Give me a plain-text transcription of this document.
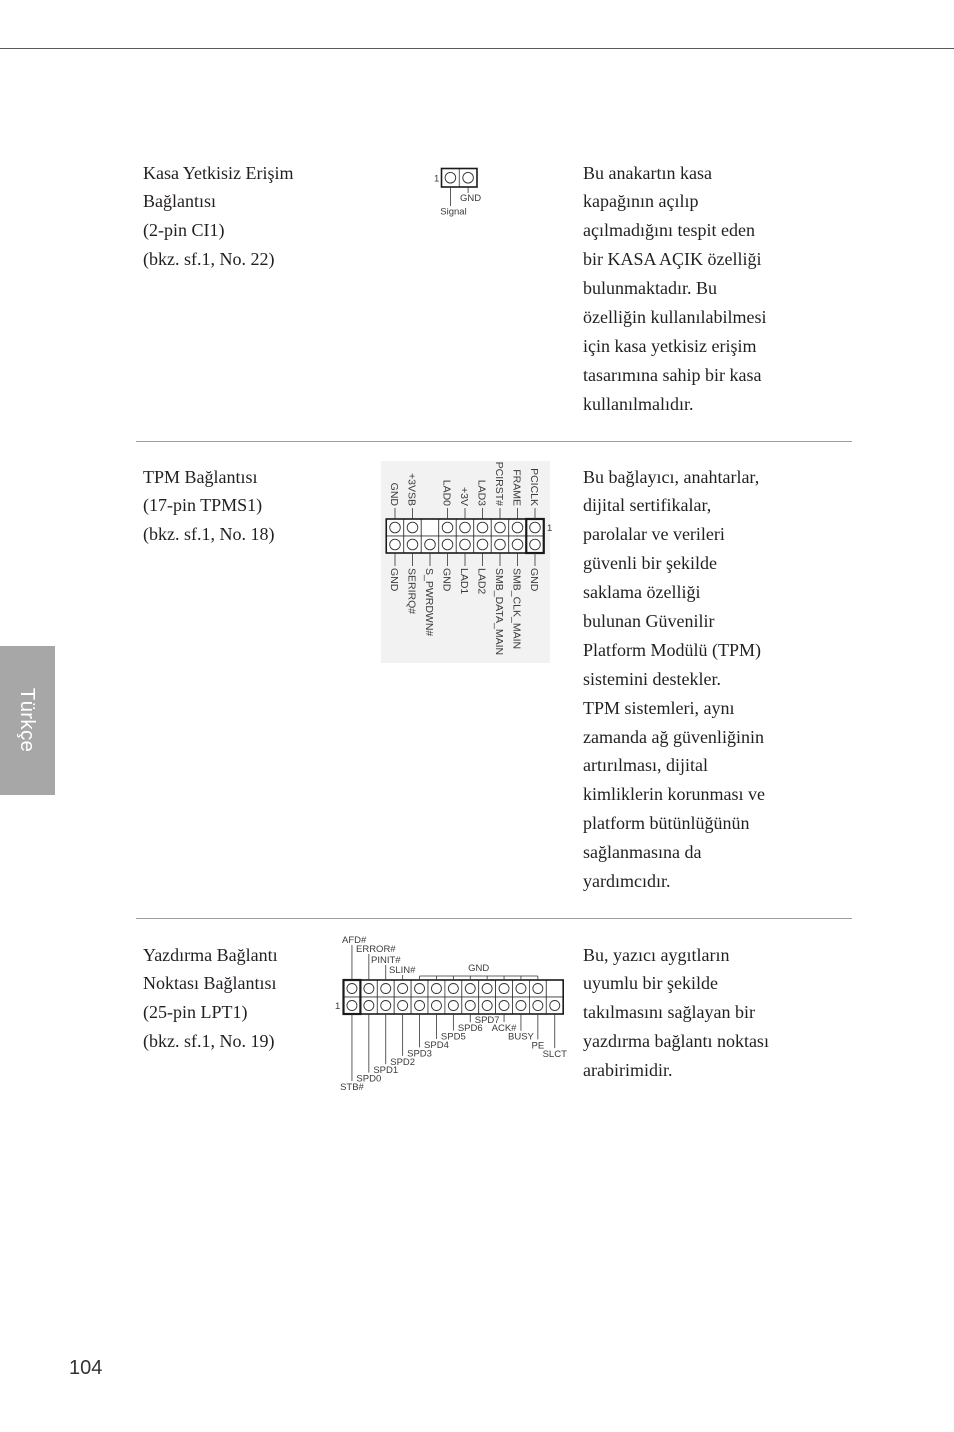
Türkçe
Kasa Yetkisiz Erişim
Bağlantısı
(2-pin CI1)
(bkz. sf.1, No. 22)
1
GND
Signal
Bu anakartın kasa
kapağının açılıp
açılmadığını tespit eden
bir KASA AÇIK özelliği
bulunmaktadır. Bu
özelliğin kullanılabilmesi
için kasa yetkisiz erişim
tasarımına sahip bir kasa
kullanılmalıdır.
TPM Bağlantısı
(17-pin TPMS1)
(bkz. sf.1, No. 18)	1
GND +3VSB LAD0 +3V LAD3 PCIRST# FRAME PCICLK
GND SERIRQ# S_PWRDWN# GND LAD1 LAD2 SMB_DATA_MAIN SMB_CLK_MAIN GND
Bu bağlayıcı, anahtarlar,
dijital sertifikalar,
parolalar ve verileri
güvenli bir şekilde
saklama özelliği
bulunan Güvenilir
Platform Modülü (TPM)
sistemini destekler.
TPM sistemleri, aynı
zamanda ağ güvenliğinin
artırılması, dijital
kimliklerin korunması ve
platform bütünlüğünün
sağlanmasına da
yardımcıdır.
Yazdırma Bağlantı
Noktası Bağlantısı
(25-pin LPT1)
(bkz. sf.1, No. 19)
1
AFD#
ERROR#
PINIT#
SLIN#	GND
STB#
SPD0
SPD1
SPD2
SPD3
SPD4
SPD5
SPD6
SPD7
ACK#
BUSY
PE
SLCT
Bu, yazıcı aygıtların
uyumlu bir şekilde
takılmasını sağlayan bir
yazdırma bağlantı noktası
arabirimidir.
104
